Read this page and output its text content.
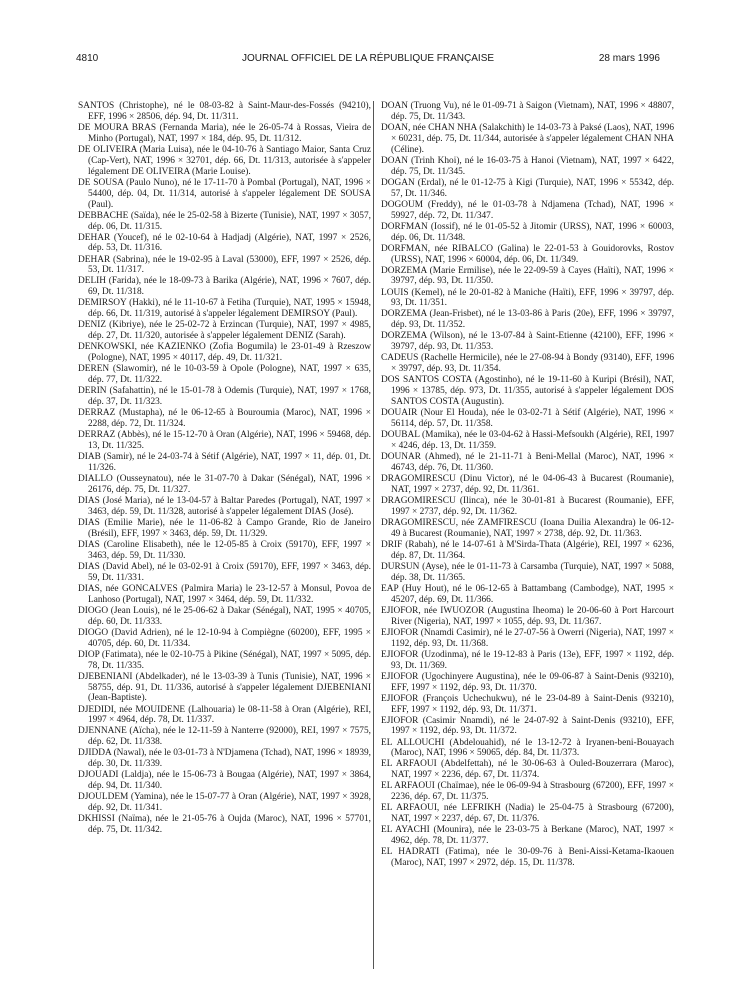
4810	JOURNAL OFFICIEL DE LA RÉPUBLIQUE FRANÇAISE	28 mars 1996

SANTOS (Christophe), né le 08-03-82 à Saint-Maur-des-Fossés (94210), EFF, 1996 × 28506, dép. 94, Dt. 11/311.

DE MOURA BRAS (Fernanda Maria), née le 26-05-74 à Rossas, Vieira de Minho (Portugal), NAT, 1997 × 184, dép. 95, Dt. 11/312.

DE OLIVEIRA (Maria Luisa), née le 04-10-76 à Santiago Maior, Santa Cruz (Cap-Vert), NAT, 1996 × 32701, dép. 66, Dt. 11/313, autorisée à s'appeler légalement DE OLIVEIRA (Marie Louise).

DE SOUSA (Paulo Nuno), né le 17-11-70 à Pombal (Portugal), NAT, 1996 × 54400, dép. 04, Dt. 11/314, autorisé à s'appeler légalement DE SOUSA (Paul).

DEBBACHE (Saïda), née le 25-02-58 à Bizerte (Tunisie), NAT, 1997 × 3057, dép. 06, Dt. 11/315.

DEHAR (Youcef), né le 02-10-64 à Hadjadj (Algérie), NAT, 1997 × 2526, dép. 53, Dt. 11/316.

DEHAR (Sabrina), née le 19-02-95 à Laval (53000), EFF, 1997 × 2526, dép. 53, Dt. 11/317.

DELIH (Farida), née le 18-09-73 à Barika (Algérie), NAT, 1996 × 7607, dép. 69, Dt. 11/318.

DEMIRSOY (Hakki), né le 11-10-67 à Fetiha (Turquie), NAT, 1995 × 15948, dép. 66, Dt. 11/319, autorisé à s'appeler légalement DEMIRSOY (Paul).

DENIZ (Kibriye), née le 25-02-72 à Erzincan (Turquie), NAT, 1997 × 4985, dép. 27, Dt. 11/320, autorisée à s'appeler légalement DENIZ (Sarah).

DENKOWSKI, née KAZIENKO (Zofia Bogumila) le 23-01-49 à Rzeszow (Pologne), NAT, 1995 × 40117, dép. 49, Dt. 11/321.

DEREN (Slawomir), né le 10-03-59 à Opole (Pologne), NAT, 1997 × 635, dép. 77, Dt. 11/322.

DERIN (Safahattin), né le 15-01-78 à Odemis (Turquie), NAT, 1997 × 1768, dép. 37, Dt. 11/323.

DERRAZ (Mustapha), né le 06-12-65 à Bouroumia (Maroc), NAT, 1996 × 2288, dép. 72, Dt. 11/324.

DERRAZ (Abbès), né le 15-12-70 à Oran (Algérie), NAT, 1996 × 59468, dép. 13, Dt. 11/325.

DIAB (Samir), né le 24-03-74 à Sétif (Algérie), NAT, 1997 × 11, dép. 01, Dt. 11/326.

DIALLO (Ousseynatou), née le 31-07-70 à Dakar (Sénégal), NAT, 1996 × 26176, dép. 75, Dt. 11/327.

DIAS (José Maria), né le 13-04-57 à Baltar Paredes (Portugal), NAT, 1997 × 3463, dép. 59, Dt. 11/328, autorisé à s'appeler légalement DIAS (José).

DIAS (Emilie Marie), née le 11-06-82 à Campo Grande, Rio de Janeiro (Brésil), EFF, 1997 × 3463, dép. 59, Dt. 11/329.

DIAS (Caroline Elisabeth), née le 12-05-85 à Croix (59170), EFF, 1997 × 3463, dép. 59, Dt. 11/330.

DIAS (David Abel), né le 03-02-91 à Croix (59170), EFF, 1997 × 3463, dép. 59, Dt. 11/331.

DIAS, née GONCALVES (Palmira Maria) le 23-12-57 à Monsul, Povoa de Lanhoso (Portugal), NAT, 1997 × 3464, dép. 59, Dt. 11/332.

DIOGO (Jean Louis), né le 25-06-62 à Dakar (Sénégal), NAT, 1995 × 40705, dép. 60, Dt. 11/333.

DIOGO (David Adrien), né le 12-10-94 à Compiègne (60200), EFF, 1995 × 40705, dép. 60, Dt. 11/334.

DIOP (Fatimata), née le 02-10-75 à Pikine (Sénégal), NAT, 1997 × 5095, dép. 78, Dt. 11/335.

DJEBENIANI (Abdelkader), né le 13-03-39 à Tunis (Tunisie), NAT, 1996 × 58755, dép. 91, Dt. 11/336, autorisé à s'appeler légalement DJEBENIANI (Jean-Baptiste).

DJEDIDI, née MOUIDENE (Lalhouaria) le 08-11-58 à Oran (Algérie), REI, 1997 × 4964, dép. 78, Dt. 11/337.

DJENNANE (Aïcha), née le 12-11-59 à Nanterre (92000), REI, 1997 × 7575, dép. 62, Dt. 11/338.

DJIDDA (Nawal), née le 03-01-73 à N'Djamena (Tchad), NAT, 1996 × 18939, dép. 30, Dt. 11/339.

DJOUADI (Laldja), née le 15-06-73 à Bougaa (Algérie), NAT, 1997 × 3864, dép. 94, Dt. 11/340.

DJOULDEM (Yamina), née le 15-07-77 à Oran (Algérie), NAT, 1997 × 3928, dép. 92, Dt. 11/341.

DKHISSI (Naïma), née le 21-05-76 à Oujda (Maroc), NAT, 1996 × 57701, dép. 75, Dt. 11/342.

DOAN (Truong Vu), né le 01-09-71 à Saigon (Vietnam), NAT, 1996 × 48807, dép. 75, Dt. 11/343.

DOAN, née CHAN NHA (Salakchith) le 14-03-73 à Paksé (Laos), NAT, 1996 × 60231, dép. 75, Dt. 11/344, autorisée à s'appeler légalement CHAN NHA (Céline).

DOAN (Trinh Khoi), né le 16-03-75 à Hanoi (Vietnam), NAT, 1997 × 6422, dép. 75, Dt. 11/345.

DOGAN (Erdal), né le 01-12-75 à Kigi (Turquie), NAT, 1996 × 55342, dép. 57, Dt. 11/346.

DOGOUM (Freddy), né le 01-03-78 à Ndjamena (Tchad), NAT, 1996 × 59927, dép. 72, Dt. 11/347.

DORFMAN (Iossif), né le 01-05-52 à Jitomir (URSS), NAT, 1996 × 60003, dép. 06, Dt. 11/348.

DORFMAN, née RIBALCO (Galina) le 22-01-53 à Gouidorovks, Rostov (URSS), NAT, 1996 × 60004, dép. 06, Dt. 11/349.

DORZEMA (Marie Ermilise), née le 22-09-59 à Cayes (Haïti), NAT, 1996 × 39797, dép. 93, Dt. 11/350.

LOUIS (Kemel), né le 20-01-82 à Maniche (Haïti), EFF, 1996 × 39797, dép. 93, Dt. 11/351.

DORZEMA (Jean-Frisbet), né le 13-03-86 à Paris (20e), EFF, 1996 × 39797, dép. 93, Dt. 11/352.

DORZEMA (Wilson), né le 13-07-84 à Saint-Etienne (42100), EFF, 1996 × 39797, dép. 93, Dt. 11/353.

CADEUS (Rachelle Hermicile), née le 27-08-94 à Bondy (93140), EFF, 1996 × 39797, dép. 93, Dt. 11/354.

DOS SANTOS COSTA (Agostinho), né le 19-11-60 à Kuripi (Brésil), NAT, 1996 × 13785, dép. 973, Dt. 11/355, autorisé à s'appeler légalement DOS SANTOS COSTA (Augustin).

DOUAIR (Nour El Houda), née le 03-02-71 à Sétif (Algérie), NAT, 1996 × 56114, dép. 57, Dt. 11/358.

DOUBAL (Mamika), née le 03-04-62 à Hassi-Mefsoukh (Algérie), REI, 1997 × 4246, dép. 13, Dt. 11/359.

DOUNAR (Ahmed), né le 21-11-71 à Beni-Mellal (Maroc), NAT, 1996 × 46743, dép. 76, Dt. 11/360.

DRAGOMIRESCU (Dinu Victor), né le 04-06-43 à Bucarest (Roumanie), NAT, 1997 × 2737, dép. 92, Dt. 11/361.

DRAGOMIRESCU (Ilinca), née le 30-01-81 à Bucarest (Roumanie), EFF, 1997 × 2737, dép. 92, Dt. 11/362.

DRAGOMIRESCU, née ZAMFIRESCU (Ioana Duilia Alexandra) le 06-12-49 à Bucarest (Roumanie), NAT, 1997 × 2738, dép. 92, Dt. 11/363.

DRIF (Rabah), né le 14-07-61 à M'Sirda-Thata (Algérie), REI, 1997 × 6236, dép. 87, Dt. 11/364.

DURSUN (Ayse), née le 01-11-73 à Carsamba (Turquie), NAT, 1997 × 5088, dép. 38, Dt. 11/365.

EAP (Huy Hout), né le 06-12-65 à Battambang (Cambodge), NAT, 1995 × 45207, dép. 69, Dt. 11/366.

EJIOFOR, née IWUOZOR (Augustina Iheoma) le 20-06-60 à Port Harcourt River (Nigeria), NAT, 1997 × 1055, dép. 93, Dt. 11/367.

EJIOFOR (Nnamdi Casimir), né le 27-07-56 à Owerri (Nigeria), NAT, 1997 × 1192, dép. 93, Dt. 11/368.

EJIOFOR (Uzodinma), né le 19-12-83 à Paris (13e), EFF, 1997 × 1192, dép. 93, Dt. 11/369.

EJIOFOR (Ugochinyere Augustina), née le 09-06-87 à Saint-Denis (93210), EFF, 1997 × 1192, dép. 93, Dt. 11/370.

EJIOFOR (François Uchechukwu), né le 23-04-89 à Saint-Denis (93210), EFF, 1997 × 1192, dép. 93, Dt. 11/371.

EJIOFOR (Casimir Nnamdi), né le 24-07-92 à Saint-Denis (93210), EFF, 1997 × 1192, dép. 93, Dt. 11/372.

EL ALLOUCHI (Abdelouahid), né le 13-12-72 à Iryanen-beni-Bouayach (Maroc), NAT, 1996 × 59065, dép. 84, Dt. 11/373.

EL ARFAOUI (Abdelfettah), né le 30-06-63 à Ouled-Bouzerrara (Maroc), NAT, 1997 × 2236, dép. 67, Dt. 11/374.

EL ARFAOUI (Chaïmae), née le 06-09-94 à Strasbourg (67200), EFF, 1997 × 2236, dép. 67, Dt. 11/375.

EL ARFAOUI, née LEFRIKH (Nadia) le 25-04-75 à Strasbourg (67200), NAT, 1997 × 2237, dép. 67, Dt. 11/376.

EL AYACHI (Mounira), née le 23-03-75 à Berkane (Maroc), NAT, 1997 × 4962, dép. 78, Dt. 11/377.

EL HADRATI (Fatima), née le 30-09-76 à Beni-Aissi-Ketama-Ikaouen (Maroc), NAT, 1997 × 2972, dép. 15, Dt. 11/378.
